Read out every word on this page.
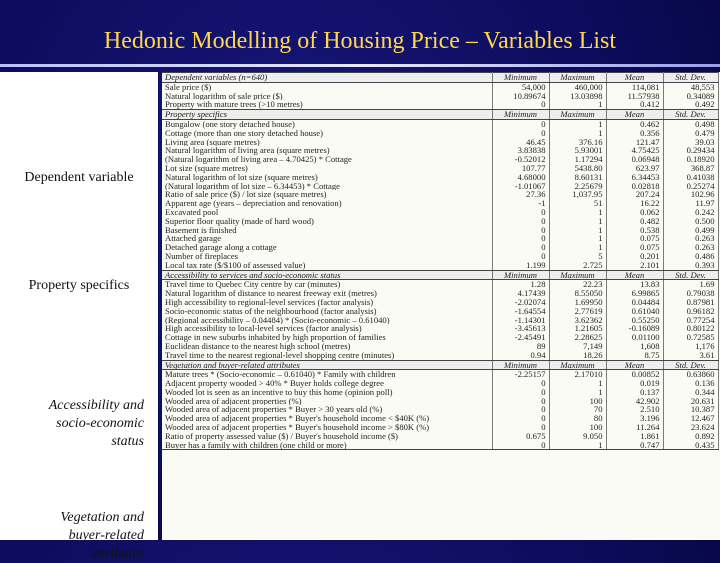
Hedonic Modelling of Housing Price – Variables List
Dependent variable
Property specifics
Accessibility and socio-economic status
Vegetation and buyer-related attributes
Dependent variables (n=640)	Minimum	Maximum	Mean	Std. Dev.
Sale price ($)	54,000	460,000	114,081	48,553
Natural logarithm of sale price ($)	10.89674	13.03898	11.57938	0.34089
Property with mature trees (>10 metres)	0	1	0.412	0.492
Property specifics	Minimum	Maximum	Mean	Std. Dev.
Bungalow (one story detached house)	0	1	0.462	0.498
Cottage (more than one story detached house)	0	1	0.356	0.479
Living area (square metres)	46.45	376.16	121.47	39.03
Natural logarithm of living area (square metres)	3.83838	5.93001	4.75425	0.29434
(Natural logarithm of living area – 4.70425) * Cottage	-0.52012	1.17294	0.06948	0.18920
Lot size (square metres)	107.77	5438.80	623.97	368.87
Natural logarithm of lot size (square metres)	4.68000	8.60131	6.34453	0.41038
(Natural logarithm of lot size – 6.34453) * Cottage	-1.01067	2.25679	0.02818	0.25274
Ratio of sale price ($) / lot size (square metres)	27.36	1,037.95	207.24	102.96
Apparent age (years – depreciation and renovation)	-1	51	16.22	11.97
Excavated pool	0	1	0.062	0.242
Superior floor quality (made of hard wood)	0	1	0.482	0.500
Basement is finished	0	1	0.538	0.499
Attached garage	0	1	0.075	0.263
Detached garage along a cottage	0	1	0.075	0.263
Number of fireplaces	0	5	0.201	0.486
Local tax rate ($/$100 of assessed value)	1.199	2.725	2.101	0.393
Accessibility to services and socio-economic status	Minimum	Maximum	Mean	Std. Dev.
Travel time to Quebec City centre by car (minutes)	1.28	22.23	13.83	1.69
Natural logarithm of distance to nearest freeway exit (metres)	4.17439	8.55050	6.99865	0.79038
High accessibility to regional-level services (factor analysis)	-2.02074	1.69950	0.04484	0.87981
Socio-economic status of the neighbourhood (factor analysis)	-1.64554	2.77619	0.61040	0.96182
(Regional accessibility – 0.04484) * (Socio-economic – 0.61040)	-1.14301	3.62362	0.55250	0.77254
High accessibility to local-level services (factor analysis)	-3.45613	1.21605	-0.16089	0.80122
Cottage in new suburbs inhabited by high proportion of families	-2.45491	2.28625	0.01100	0.72585
Euclidean distance to the nearest high school (metres)	89	7,149	1,608	1,176
Travel time to the nearest regional-level shopping centre (minutes)	0.94	18.26	8.75	3.61
Vegetation and buyer-related attributes	Minimum	Maximum	Mean	Std. Dev.
Mature trees * (Socio-economic – 0.61040) * Family with children	-2.25157	2.17010	0.00852	0.63860
Adjacent property wooded > 40% * Buyer holds college degree	0	1	0.019	0.136
Wooded lot is seen as an incentive to buy this home (opinion poll)	0	1	0.137	0.344
Wooded area of adjacent properties (%)	0	100	42.902	20.631
Wooded area of adjacent properties * Buyer > 30 years old (%)	0	70	2.510	10.387
Wooded area of adjacent properties * Buyer's household income < $40K (%)	0	80	3.196	12.467
Wooded area of adjacent properties * Buyer's household income > $80K (%)	0	100	11.264	23.624
Ratio of property assessed value ($) / Buyer's household income ($)	0.675	9.050	1.861	0.892
Buyer has a family with children (one child or more)	0	1	0.747	0.435
